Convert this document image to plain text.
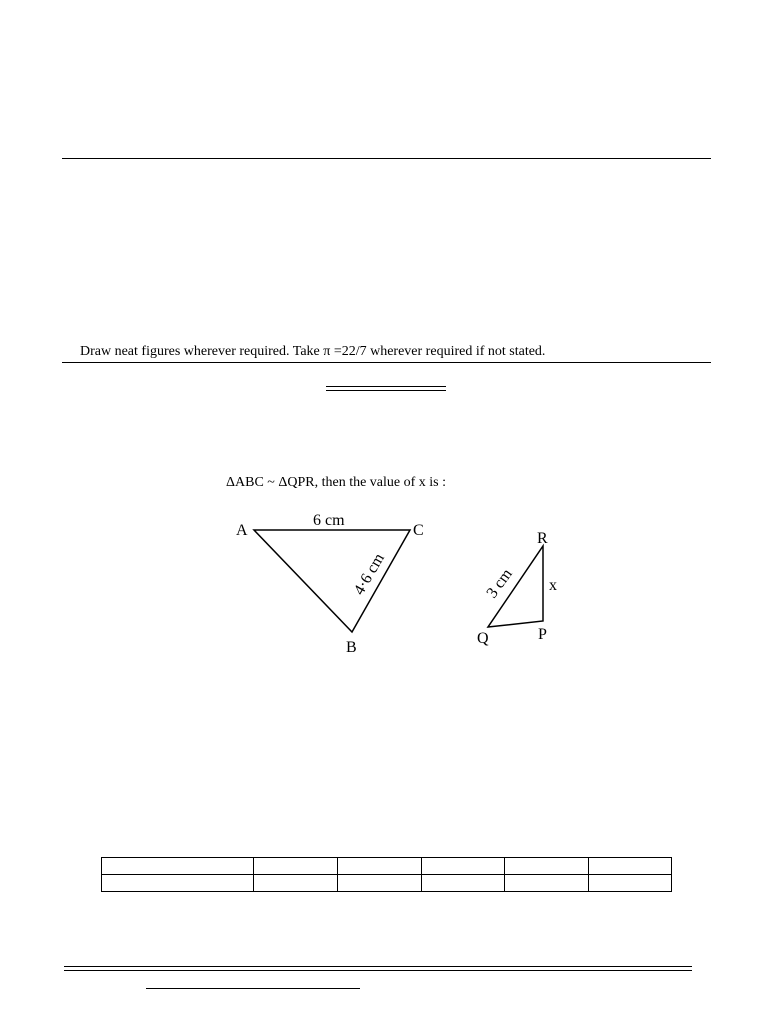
Draw neat figures wherever required. Take π =22/7 wherever required if not stated.
ΔABC ~ ΔQPR, then the value of x is :
A	C
B
6 cm
4·6 cm
R
Q	P
3 cm x
